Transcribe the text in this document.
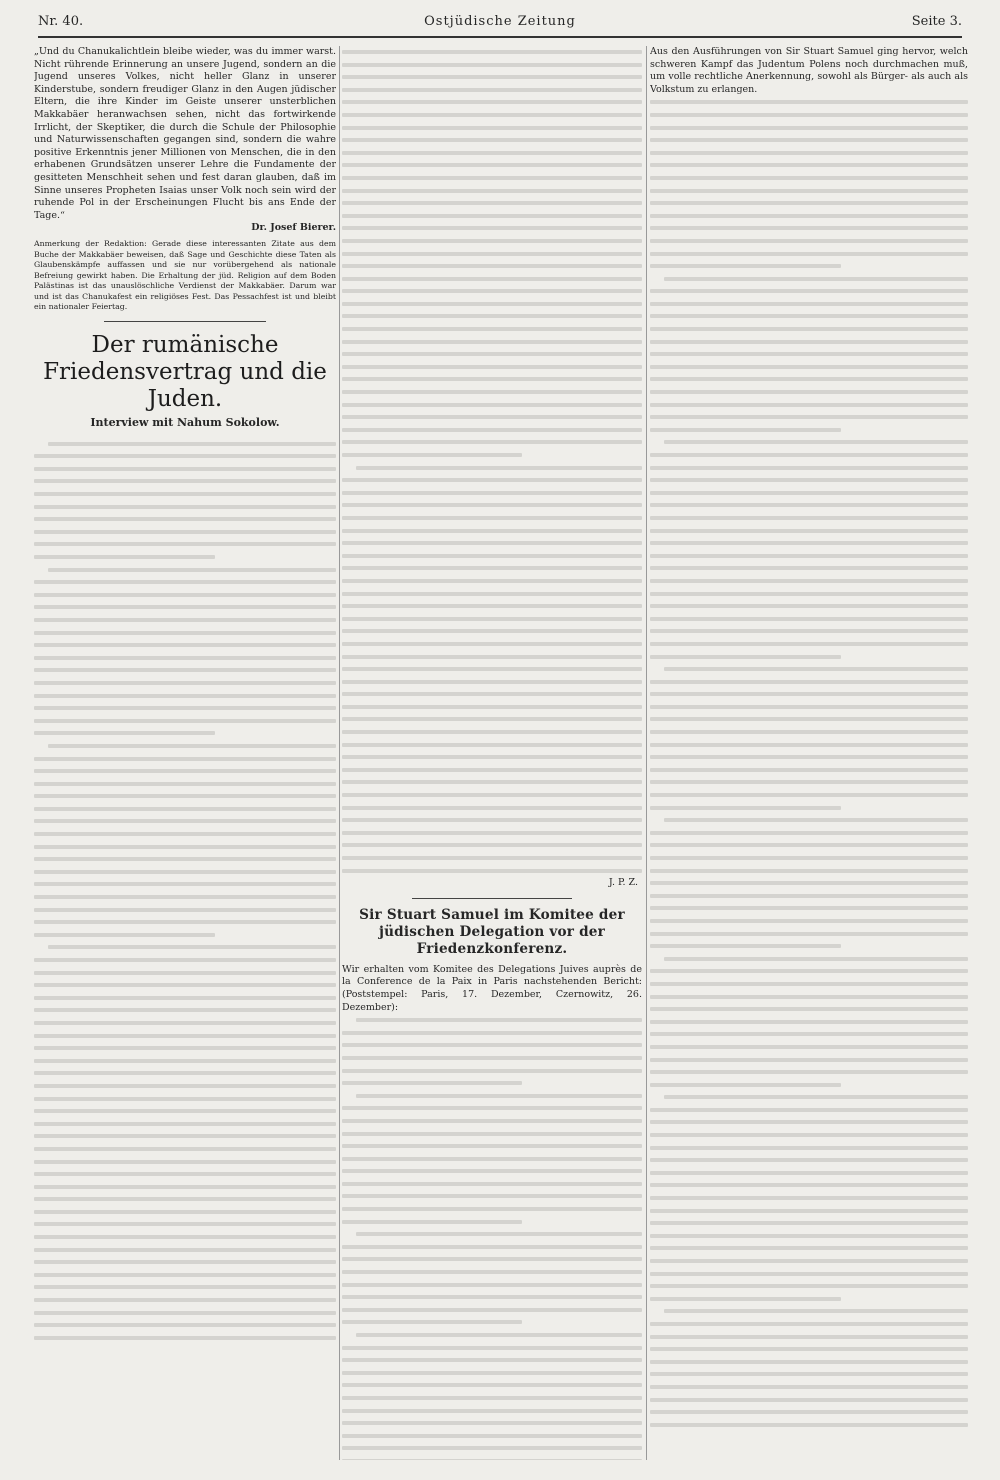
Nr. 40.	Ostjüdische Zeitung	Seite 3.

„Und du Chanukalichtlein bleibe wieder, was du immer warst. Nicht rührende Erinnerung an unsere Jugend, sondern an die Jugend unseres Volkes, nicht heller Glanz in unserer Kinderstube, sondern freudiger Glanz in den Augen jüdischer Eltern, die ihre Kinder im Geiste unserer unsterblichen Makkabäer heranwachsen sehen, nicht das fortwirkende Irrlicht, der Skeptiker, die durch die Schule der Philosophie und Naturwissenschaften gegangen sind, sondern die wahre positive Erkenntnis jener Millionen von Menschen, die in den erhabenen Grundsätzen unserer Lehre die Fundamente der gesitteten Menschheit sehen und fest daran glauben, daß im Sinne unseres Propheten Isaias unser Volk noch sein wird der ruhende Pol in der Erscheinungen Flucht bis ans Ende der Tage.“

Dr. Josef Bierer.

Anmerkung der Redaktion: Gerade diese interessanten Zitate aus dem Buche der Makkabäer beweisen, daß Sage und Geschichte diese Taten als Glaubenskämpfe auffassen und sie nur vorübergehend als nationale Befreiung gewirkt haben. Die Erhaltung der jüd. Religion auf dem Boden Palästinas ist das unauslöschliche Verdienst der Makkabäer. Darum war und ist das Chanukafest ein religiöses Fest. Das Pessachfest ist und bleibt ein nationaler Feiertag.

Der rumänische Friedensvertrag und die Juden.
Interview mit Nahum Sokolow.

J. P. Z.

Sir Stuart Samuel im Komitee der jüdischen Delegation vor der Friedenzkonferenz.

Wir erhalten vom Komitee des Delegations Juives auprès de la Conference de la Paix in Paris nachstehenden Bericht: (Poststempel: Paris, 17. Dezember, Czernowitz, 26. Dezember):

Aus den Ausführungen von Sir Stuart Samuel ging hervor, welch schweren Kampf das Judentum Polens noch durchmachen muß, um volle rechtliche Anerkennung, sowohl als Bürger- als auch als Volkstum zu erlangen.
